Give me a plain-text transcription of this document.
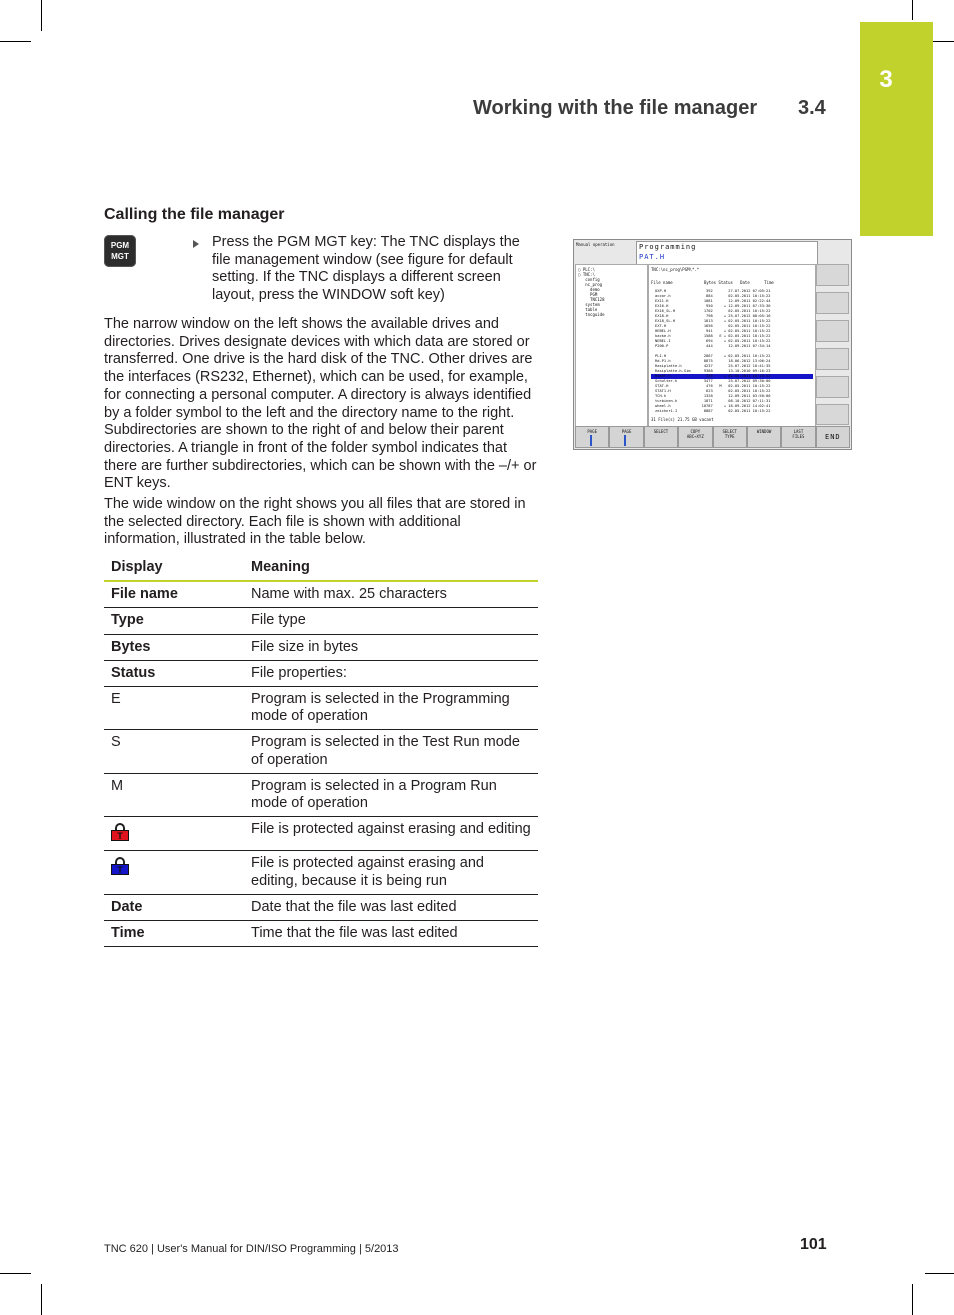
3
Working with the file manager 3.4
Calling the file manager
PGM
MGT
Press the PGM MGT key: The TNC displays the file management window (see figure for default setting. If the TNC displays a different screen layout, press the WINDOW soft key)
The narrow window on the left shows the available drives and directories. Drives designate devices with which data are stored or transferred. One drive is the hard disk of the TNC. Other drives are the interfaces (RS232, Ethernet), which can be used, for example, for connecting a personal computer. A directory is always identified by a folder symbol to the left and the directory name to the right. Subdirectories are shown to the right of and below their parent directories. A triangle in front of the folder symbol indicates that there are further subdirectories, which can be shown with the –/+ or ENT keys.
The wide window on the right shows you all files that are stored in the selected directory. Each file is shown with additional information, illustrated in the table below.
Display	Meaning
File name	Name with max. 25 characters
Type	File type
Bytes	File size in bytes
Status	File properties:
E	Program is selected in the Programming mode of operation
S	Program is selected in the Test Run mode of operation
M	Program is selected in a Program Run mode of operation

T	File is protected against erasing and editing

T	File is protected against erasing and editing, because it is being run
Date	Date that the file was last edited
Time	Time that the file was last edited
Manual operation	Programming
PAT.H
▢ PLC:\
▢ TNC:\
config
nc_prog
demo
PGM
TNC128
system
table
tncguide
TNC:\nc_prog\PGM\*.*
File name             Bytes Status   Date      Time
OXP.H                  392       27-07-2012 07:05:21
accor.h                884       02-05-2011 10:15:22
EX11.H                1081       12-09-2011 02:22:44
EX16.H                 950     + 12-09-2011 07:33:30
EX16_SL.H             1702       02-05-2011 10:15:22
EX18.H                 798     + 25-07-2012 08:05:10
EX18_SL.H             1813     + 02-05-2011 10:15:22
EXT.H                 1656       02-05-2011 10:15:22
HEBEL.H                941     + 02-05-2011 10:15:22
kacke.h               1588   E + 02-05-2011 10:15:22
NEBEL.I                694     + 02-05-2011 10:15:22
P200.P                 444       12-09-2011 07:34:14
PAT.H                  258     + 12-09-2011 08:02:21
PLI.H                 2867     + 02-05-2011 10:15:22
Rd-P1.h               8875       18-06-2012 13:06:24
Rasiplatte.h          4237       25-07-2012 10:41:35
Rasiplatte.h.Sim      9388       13-10-2010 09:16:23
Raset.h                335     + 02-05-2011 10:15:22
Schulter.h            3477       25-07-2012 09:30:00
STAT.H                 476   M   02-05-2011 10:15:22
STAT1.H                623       02-05-2011 10:15:22
TCH.h                 1328       12-09-2011 03:50:00
turbinen.h            1871       08-10-2012 07:11:31
wheel.h              10787     + 18-09-2012 14:02:41
zeichnr1.I            8887       02-05-2011 10:15:22
31 File(s) 21.75 GB vacant
PAGE	PAGE	SELECT	COPY
ABC→XYZ
SELECT
TYPE
WINDOW	LAST
FILES	END
TNC 620 | User's Manual for DIN/ISO Programming | 5/2013	101
